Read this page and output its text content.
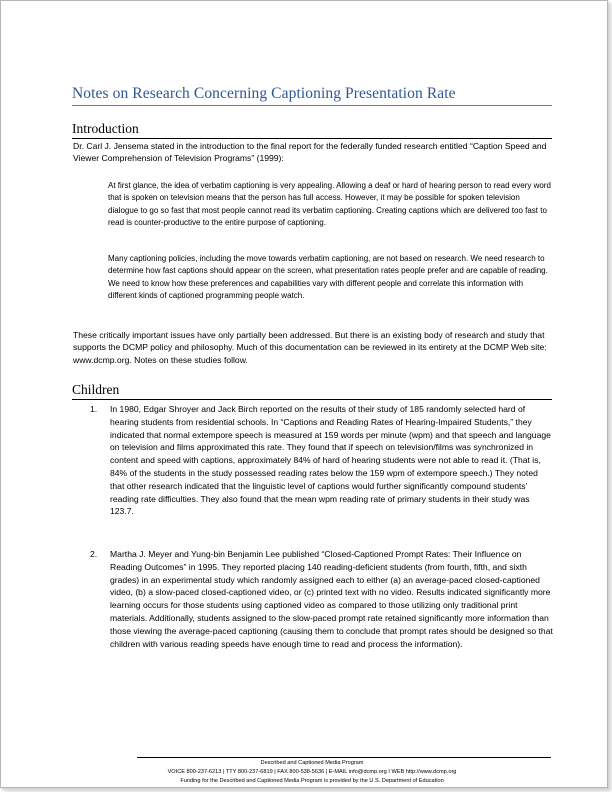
Notes on Research Concerning Captioning Presentation Rate
Introduction
Dr. Carl J. Jensema stated in the introduction to the final report for the federally funded research entitled “Caption Speed and Viewer Comprehension of Television Programs” (1999):
At first glance, the idea of verbatim captioning is very appealing. Allowing a deaf or hard of hearing person to read every word that is spoken on television means that the person has full access. However, it may be possible for spoken television dialogue to go so fast that most people cannot read its verbatim captioning. Creating captions which are delivered too fast to read is counter-productive to the entire purpose of captioning.
Many captioning policies, including the move towards verbatim captioning, are not based on research. We need research to determine how fast captions should appear on the screen, what presentation rates people prefer and are capable of reading. We need to know how these preferences and capabilities vary with different people and correlate this information with different kinds of captioned programming people watch.
These critically important issues have only partially been addressed. But there is an existing body of research and study that supports the DCMP policy and philosophy. Much of this documentation can be reviewed in its entirety at the DCMP Web site: www.dcmp.org. Notes on these studies follow.
Children
1. In 1980, Edgar Shroyer and Jack Birch reported on the results of their study of 185 randomly selected hard of hearing students from residential schools. In “Captions and Reading Rates of Hearing-Impaired Students,” they indicated that normal extempore speech is measured at 159 words per minute (wpm) and that speech and language on television and films approximated this rate. They found that if speech on television/films was synchronized in content and speed with captions, approximately 84% of hard of hearing students were not able to read it. (That is, 84% of the students in the study possessed reading rates below the 159 wpm of extempore speech.) They noted that other research indicated that the linguistic level of captions would further significantly compound students’ reading rate difficulties. They also found that the mean wpm reading rate of primary students in their study was 123.7.
2. Martha J. Meyer and Yung-bin Benjamin Lee published “Closed-Captioned Prompt Rates: Their Influence on Reading Outcomes” in 1995. They reported placing 140 reading-deficient students (from fourth, fifth, and sixth grades) in an experimental study which randomly assigned each to either (a) an average-paced closed-captioned video, (b) a slow-paced closed-captioned video, or (c) printed text with no video. Results indicated significantly more learning occurs for those students using captioned video as compared to those utilizing only traditional print materials. Additionally, students assigned to the slow-paced prompt rate retained significantly more information than those viewing the average-paced captioning (causing them to conclude that prompt rates should be designed so that children with various reading speeds have enough time to read and process the information).
Described and Captioned Media Program
VOICE 800-237-6213 | TTY 800-237-6819 | FAX 800-538-5636 | E-MAIL info@dcmp.org I WEB http://www.dcmp.org
Funding for the Described and Captioned Media Program is provided by the U.S. Department of Education
